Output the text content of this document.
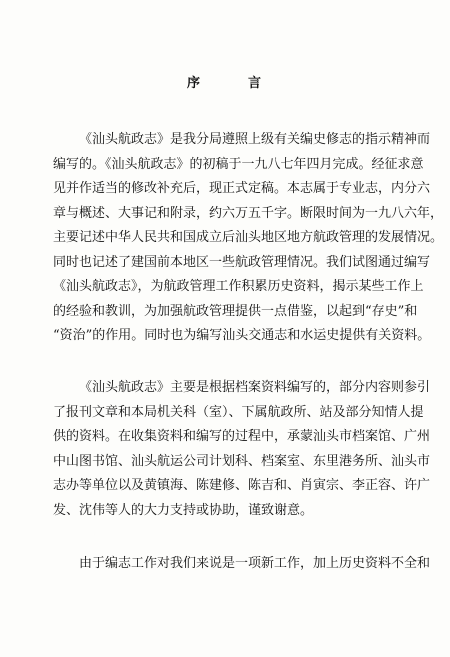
序	言
《汕头航政志》是我分局遵照上级有关编史修志的指示精神而
编写的。《汕头航政志》的初稿于一九八七年四月完成。经征求意
见并作适当的修改补充后，现正式定稿。本志属于专业志，内分六
章与概述、大事记和附录，约六万五千字。断限时间为一九八六年，
主要记述中华人民共和国成立后汕头地区地方航政管理的发展情况。
同时也记述了建国前本地区一些航政管理情况。我们试图通过编写
《汕头航政志》，为航政管理工作积累历史资料，揭示某些工作上
的经验和教训，为加强航政管理提供一点借鉴，以起到“存史”和
“资治”的作用。同时也为编写汕头交通志和水运史提供有关资料。
《汕头航政志》主要是根据档案资料编写的，部分内容则参引
了报刊文章和本局机关科（室）、下属航政所、站及部分知情人提
供的资料。在收集资料和编写的过程中，承蒙汕头市档案馆、广州
中山图书馆、汕头航运公司计划科、档案室、东里港务所、汕头市
志办等单位以及黄镇海、陈建修、陈吉和、肖寅宗、李正容、许广
发、沈伟等人的大力支持或协助，谨致谢意。
由于编志工作对我们来说是一项新工作，加上历史资料不全和
